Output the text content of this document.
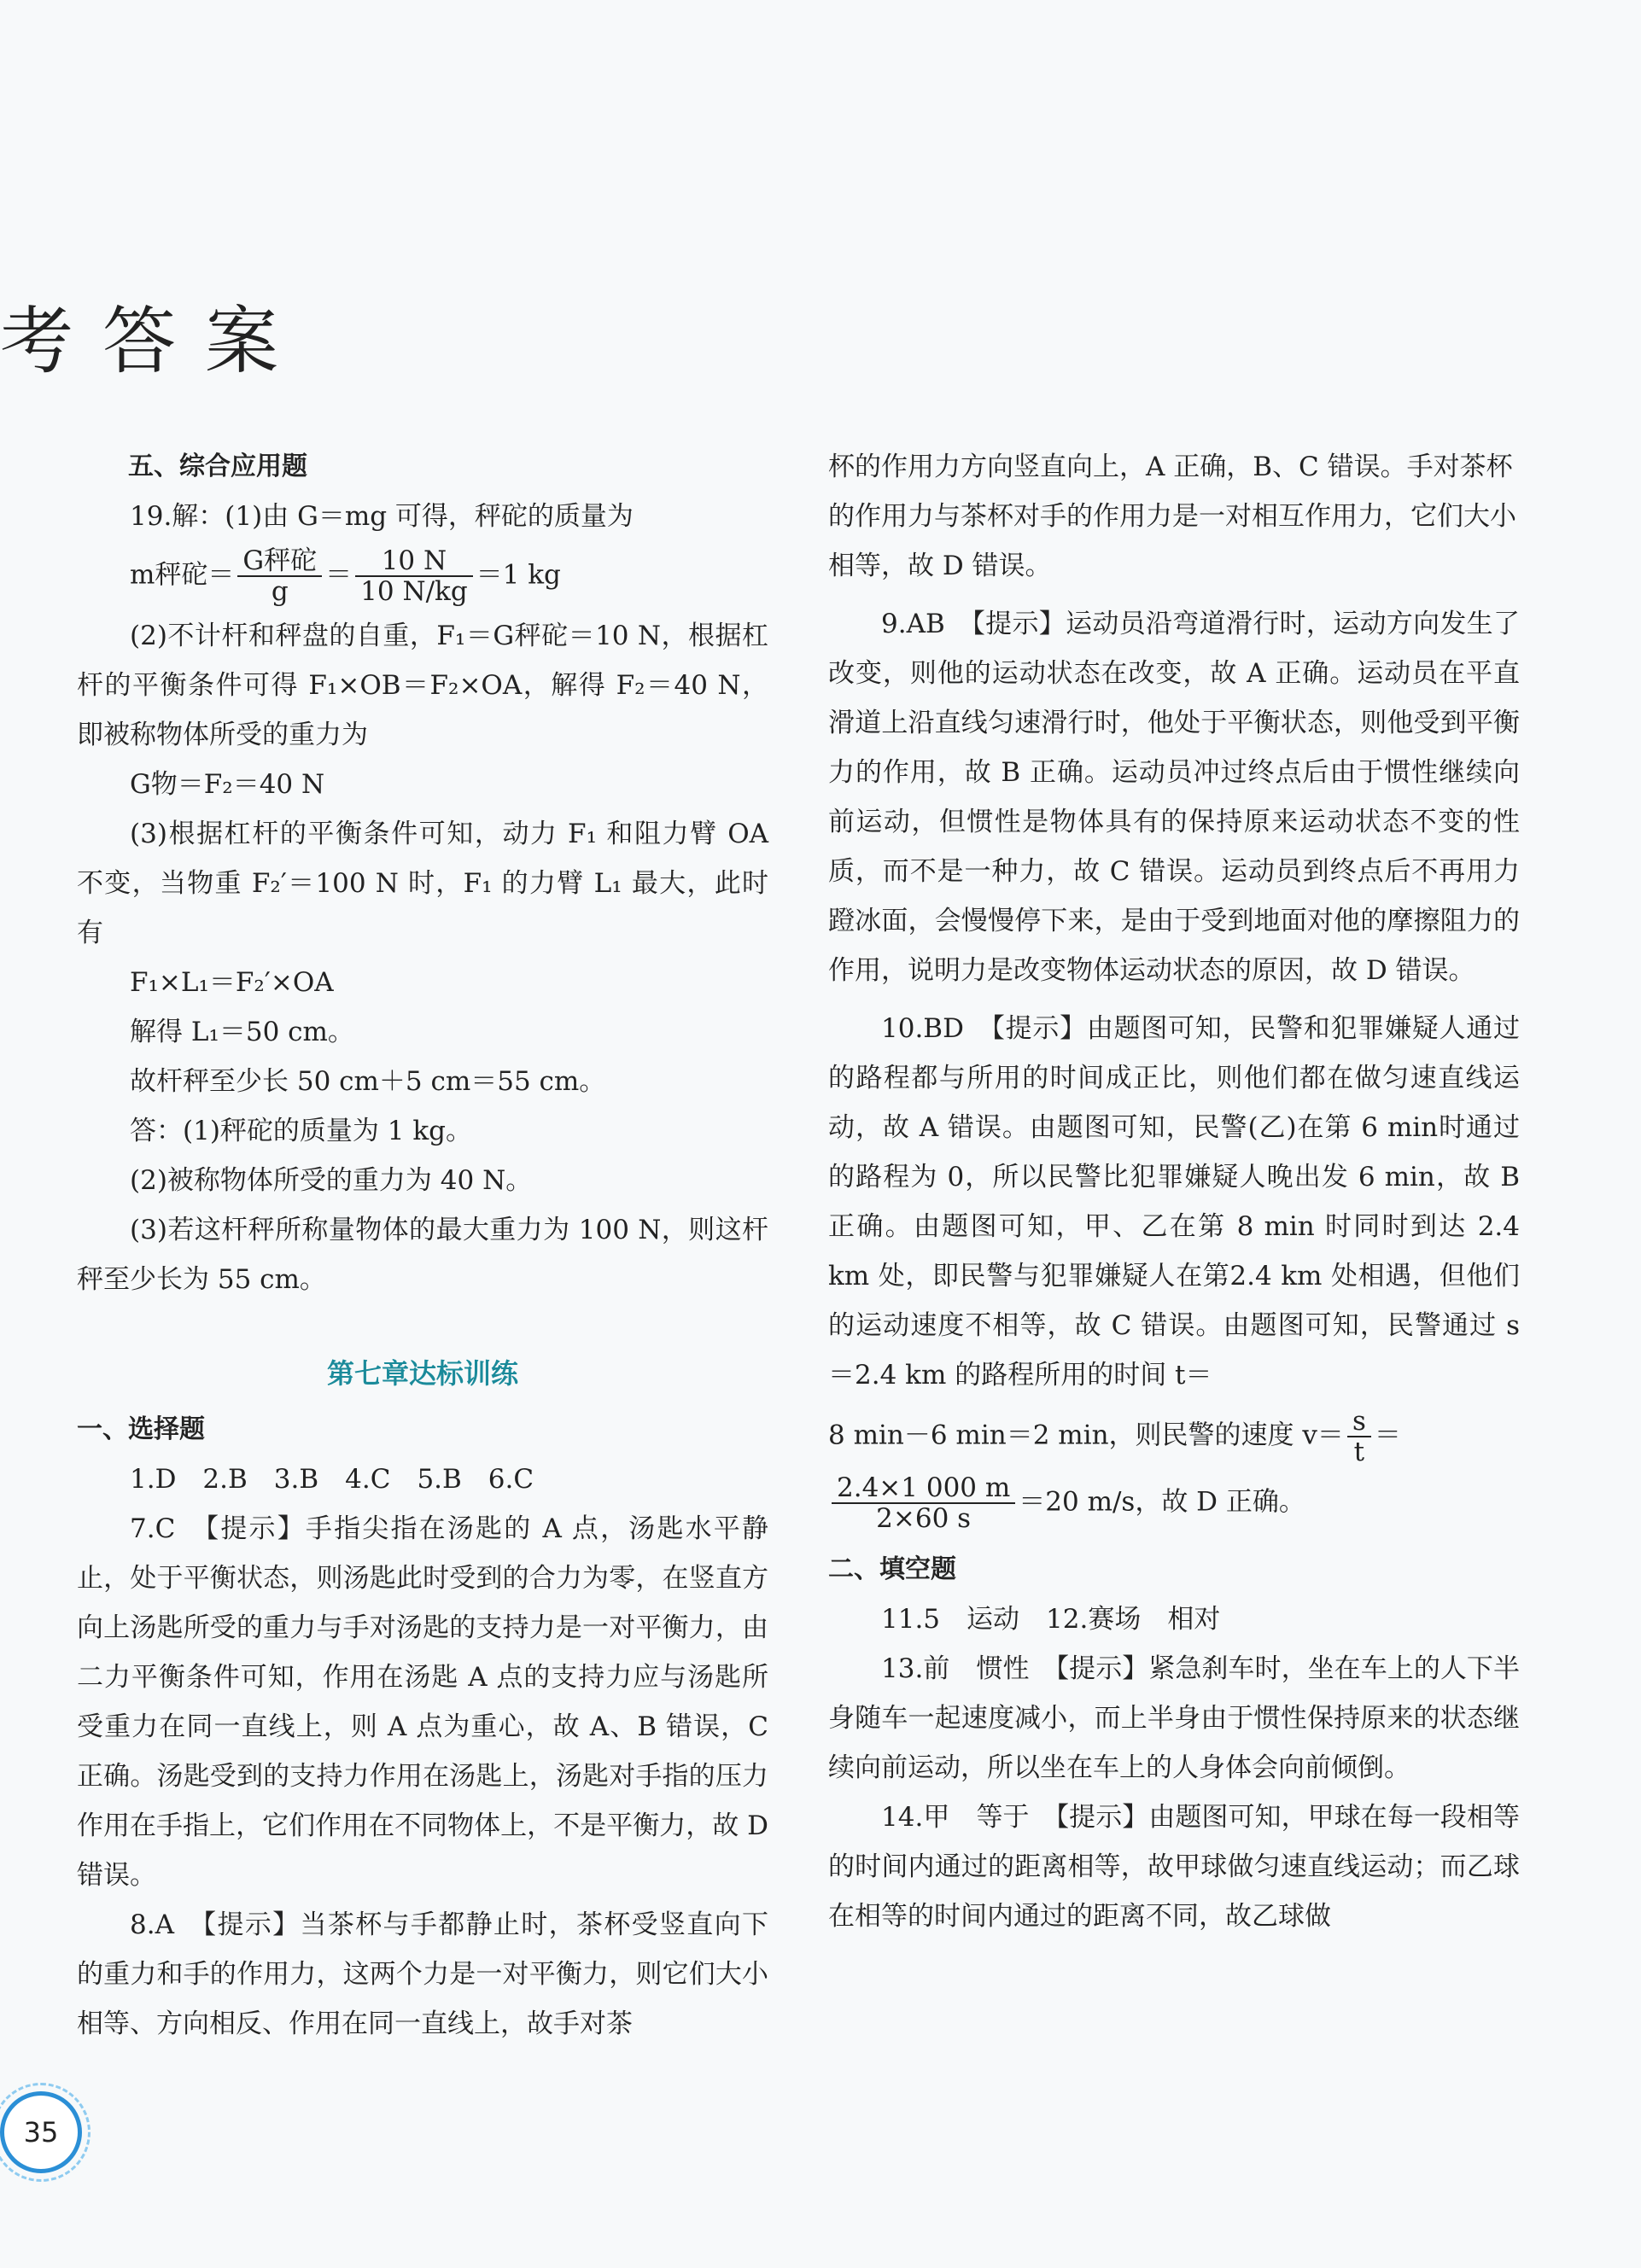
考答案

五、综合应用题

19.解：(1)由 G＝mg 可得，秤砣的质量为

m秤砣＝ $\frac{\text{G秤砣}}{g} = \frac{10 N}{10 N/kg} =1$ kg

(2)不计杆和秤盘的自重，F₁＝G秤砣＝10 N，根据杠杆的平衡条件可得 F₁×OB＝F₂×OA，解得 F₂＝40 N，即被称物体所受的重力为

G物＝F₂＝40 N

(3)根据杠杆的平衡条件可知，动力 F₁ 和阻力臂 OA 不变，当物重 F₂′＝100 N 时，F₁ 的力臂 L₁ 最大，此时有

F₁×L₁＝F₂′×OA

解得 L₁＝50 cm。

故杆秤至少长 50 cm＋5 cm＝55 cm。

答：(1)秤砣的质量为 1 kg。

(2)被称物体所受的重力为 40 N。

(3)若这杆秤所称量物体的最大重力为 100 N，则这杆秤至少长为 55 cm。

第七章达标训练

一、选择题

1.D　2.B　3.B　4.C　5.B　6.C

7.C　【提示】手指尖指在汤匙的 A 点，汤匙水平静止，处于平衡状态，则汤匙此时受到的合力为零，在竖直方向上汤匙所受的重力与手对汤匙的支持力是一对平衡力，由二力平衡条件可知，作用在汤匙 A 点的支持力应与汤匙所受重力在同一直线上，则 A 点为重心，故 A、B 错误，C 正确。汤匙受到的支持力作用在汤匙上，汤匙对手指的压力作用在手指上，它们作用在不同物体上，不是平衡力，故 D 错误。

8.A　【提示】当茶杯与手都静止时，茶杯受竖直向下的重力和手的作用力，这两个力是一对平衡力，则它们大小相等、方向相反、作用在同一直线上，故手对茶

杯的作用力方向竖直向上，A 正确，B、C 错误。手对茶杯的作用力与茶杯对手的作用力是一对相互作用力，它们大小相等，故 D 错误。

9.AB　【提示】运动员沿弯道滑行时，运动方向发生了改变，则他的运动状态在改变，故 A 正确。运动员在平直滑道上沿直线匀速滑行时，他处于平衡状态，则他受到平衡力的作用，故 B 正确。运动员冲过终点后由于惯性继续向前运动，但惯性是物体具有的保持原来运动状态不变的性质，而不是一种力，故 C 错误。运动员到终点后不再用力蹬冰面，会慢慢停下来，是由于受到地面对他的摩擦阻力的作用，说明力是改变物体运动状态的原因，故 D 错误。

10.BD　【提示】由题图可知，民警和犯罪嫌疑人通过的路程都与所用的时间成正比，则他们都在做匀速直线运动，故 A 错误。由题图可知，民警(乙)在第 6 min时通过的路程为 0，所以民警比犯罪嫌疑人晚出发 6 min，故 B 正确。由题图可知，甲、乙在第 8 min 时同时到达 2.4 km 处，即民警与犯罪嫌疑人在第2.4 km 处相遇，但他们的运动速度不相等，故 C 错误。由题图可知，民警通过 s＝2.4 km 的路程所用的时间 t＝

8 min－6 min＝2 min，则民警的速度 $v= \frac{s}{t}$ ＝
$\frac{2.4\times 1 000 m}{2\times 60 s} =20$ m/s，故 D 正确。

二、填空题

11.5　运动　12.赛场　相对

13.前　惯性　【提示】紧急刹车时，坐在车上的人下半身随车一起速度减小，而上半身由于惯性保持原来的状态继续向前运动，所以坐在车上的人身体会向前倾倒。

14.甲　等于　【提示】由题图可知，甲球在每一段相等的时间内通过的距离相等，故甲球做匀速直线运动；而乙球在相等的时间内通过的距离不同，故乙球做

35
